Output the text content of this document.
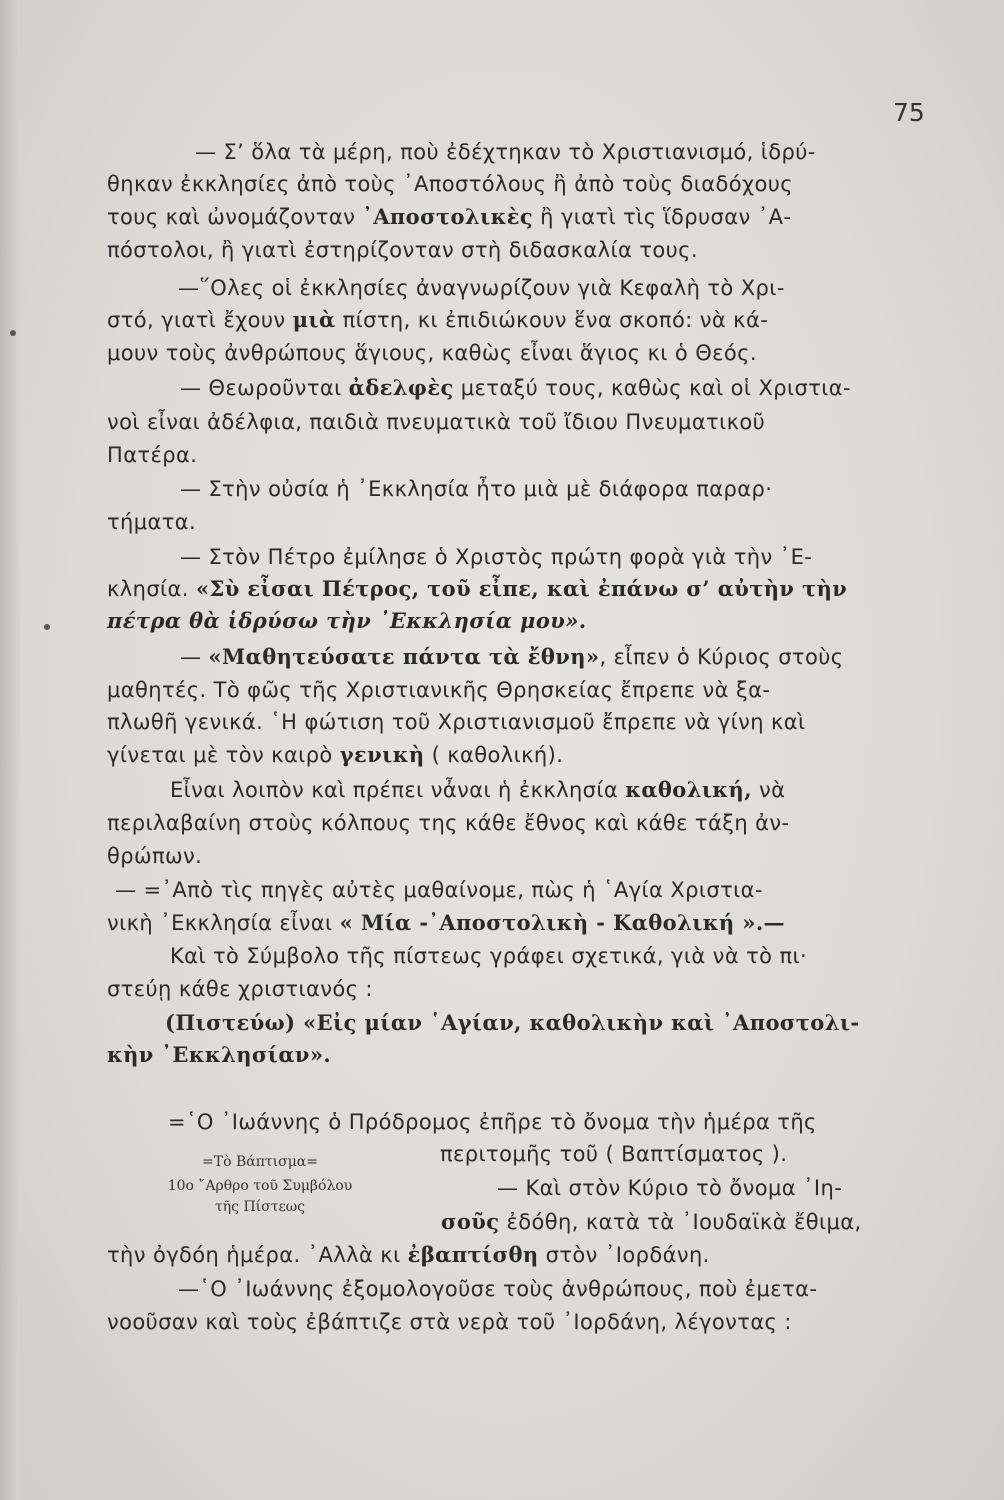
75
— Σ’ ὅλα τὰ μέρη, ποὺ ἐδέχτηκαν τὸ Χριστιανισμό, ἱδρύ-
θηκαν ἐκκλησίες ἀπὸ τοὺς ᾿Αποστόλους ἢ ἀπὸ τοὺς διαδόχους
τους καὶ ὠνομάζονταν ᾿Αποστολικὲς ἢ γιατὶ τὶς ἵδρυσαν ᾿Α-
πόστολοι, ἢ γιατὶ ἐστηρίζονταν στὴ διδασκαλία τους.
—῞Ολες οἱ ἐκκλησίες ἀναγνωρίζουν γιὰ Κεφαλὴ τὸ Χρι-
στό, γιατὶ ἔχουν μιὰ πίστη, κι ἐπιδιώκουν ἕνα σκοπό: νὰ κά-
μουν τοὺς ἀνθρώπους ἅγιους, καθὼς εἶναι ἅγιος κι ὁ Θεός.
— Θεωροῦνται ἀδελφὲς μεταξύ τους, καθὼς καὶ οἱ Χριστια-
νοὶ εἶναι ἀδέλφια, παιδιὰ πνευματικὰ τοῦ ἴδιου Πνευματικοῦ
Πατέρα.
— Στὴν οὐσία ἡ ᾿Εκκλησία ἦτο μιὰ μὲ διάφορα παραρ·
τήματα.
— Στὸν Πέτρο ἐμίλησε ὁ Χριστὸς πρώτη φορὰ γιὰ τὴν ᾿Ε-
κλησία. «Σὺ εἶσαι Πέτρος, τοῦ εἶπε, καὶ ἐπάνω σ’ αὐτὴν τὴν
πέτρα θὰ ἱδρύσω τὴν ᾿Εκκλησία μου».
— «Μαθητεύσατε πάντα τὰ ἔθνη», εἶπεν ὁ Κύριος στοὺς
μαθητές. Τὸ φῶς τῆς Χριστιανικῆς Θρησκείας ἔπρεπε νὰ ξα-
πλωθῆ γενικά. ῾Η φώτιση τοῦ Χριστιανισμοῦ ἔπρεπε νὰ γίνη καὶ
γίνεται μὲ τὸν καιρὸ γενικὴ ( καθολική).
Εἶναι λοιπὸν καὶ πρέπει νἆναι ἡ ἐκκλησία καθολική, νὰ
περιλαβαίνη στοὺς κόλπους της κάθε ἔθνος καὶ κάθε τάξη ἀν-
θρώπων.
— =᾿Απὸ τὶς πηγὲς αὐτὲς μαθαίνομε, πὼς ἡ ῾Αγία Χριστια-
νικὴ ᾿Εκκλησία εἶναι « Μία -᾿Αποστολικὴ - Καθολική ».—
Καὶ τὸ Σύμβολο τῆς πίστεως γράφει σχετικά, γιὰ νὰ τὸ πι·
στεύῃ κάθε χριστιανός :
(Πιστεύω) «Εἰς μίαν ῾Αγίαν, καθολικὴν καὶ ᾿Αποστολι-
κὴν ᾿Εκκλησίαν».
=῾Ο ᾿Ιωάννης ὁ Πρόδρομος ἐπῆρε τὸ ὄνομα τὴν ἡμέρα τῆς
περιτομῆς τοῦ ( Βαπτίσματος ).
=Τὸ Βάπτισμα=
10ο ῎Αρθρο τοῦ Συμβόλου
τῆς Πίστεως
— Καὶ στὸν Κύριο τὸ ὄνομα ᾿Ιη-
σοῦς ἐδόθη, κατὰ τὰ ᾿Ιουδαϊκὰ ἔθιμα,
τὴν ὀγδόη ἡμέρα. ᾿Αλλὰ κι ἐβαπτίσθη στὸν ᾿Ιορδάνη.
—῾Ο ᾿Ιωάννης ἐξομολογοῦσε τοὺς ἀνθρώπους, ποὺ ἐμετα-
νοοῦσαν καὶ τοὺς ἐβάπτιζε στὰ νερὰ τοῦ ᾿Ιορδάνη, λέγοντας :
